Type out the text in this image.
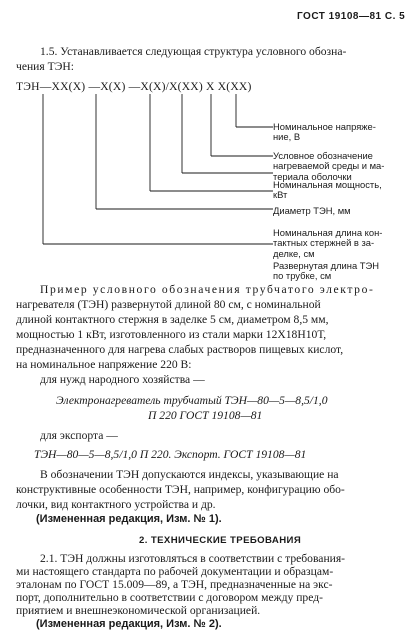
ГОСТ 19108—81 С. 5
1.5. Устанавливается следующая структура условного обозна-
чения ТЭН:
ТЭН—XX(X) —X(X) —X(X)/X(XX) X X(XX)
Номинальное напряже-
ние, В
Условное обозначение
нагреваемой среды и ма-
териала оболочки
Номинальная мощность,
кВт
Диаметр ТЭН, мм
Номинальная длина кон-
тактных стержней в за-
делке, см
Развернутая длина ТЭН
по трубке, см
Пример условного обозначения трубчатого электро-
нагревателя (ТЭН) развернутой длиной 80 см, с номинальной
длиной контактного стержня в заделке 5 см, диаметром 8,5 мм,
мощностью 1 кВт, изготовленного из стали марки 12Х18Н10Т,
предназначенного для нагрева слабых растворов пищевых кислот,
на номинальное напряжение 220 В:
для нужд народного хозяйства —
Электронагреватель трубчатый ТЭН—80—5—8,5/1,0
П 220 ГОСТ 19108—81
для экспорта —
ТЭН—80—5—8,5/1,0 П 220. Экспорт. ГОСТ 19108—81
В обозначении ТЭН допускаются индексы, указывающие на
конструктивные особенности ТЭН, например, конфигурацию обо-
лочки, вид контактного устройства и др.
(Измененная редакция, Изм. № 1).
2. ТЕХНИЧЕСКИЕ ТРЕБОВАНИЯ
2.1. ТЭН должны изготовляться в соответствии с требования-
ми настоящего стандарта по рабочей документации и образцам-
эталонам по ГОСТ 15.009—89, а ТЭН, предназначенные на экс-
порт, дополнительно в соответствии с договором между пред-
приятием и внешнеэкономической организацией.
(Измененная редакция, Изм. № 2).
